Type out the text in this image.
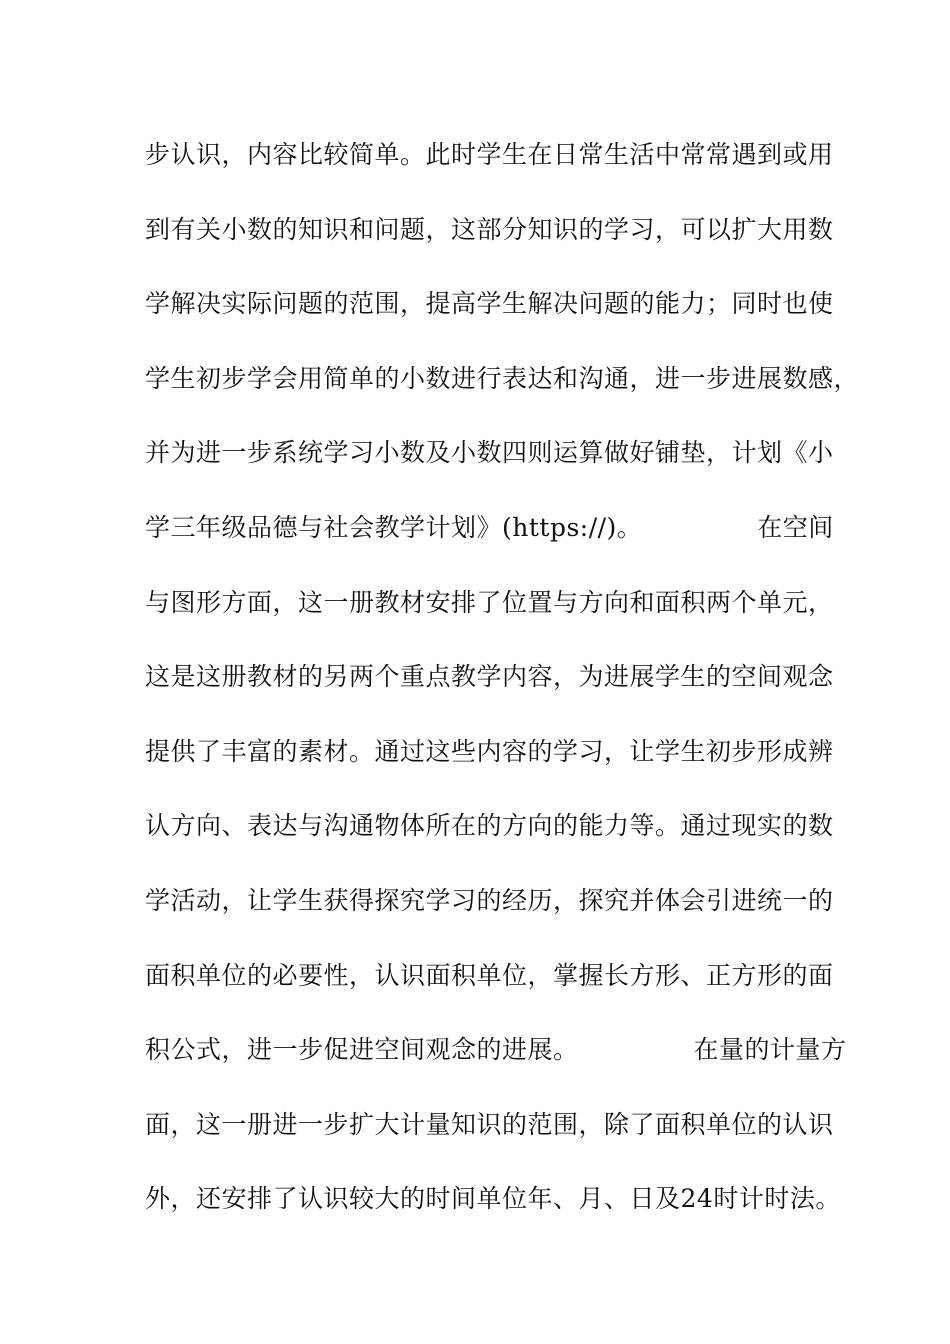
步认识，内容比较简单。此时学生在日常生活中常常遇到或用
到有关小数的知识和问题，这部分知识的学习，可以扩大用数
学解决实际问题的范围，提高学生解决问题的能力；同时也使
学生初步学会用简单的小数进行表达和沟通，进一步进展数感，
并为进一步系统学习小数及小数四则运算做好铺垫，计划《小
学三年级品德与社会教学计划》(https://)。　　　　　在空间
与图形方面，这一册教材安排了位置与方向和面积两个单元，
这是这册教材的另两个重点教学内容，为进展学生的空间观念
提供了丰富的素材。通过这些内容的学习，让学生初步形成辨
认方向、表达与沟通物体所在的方向的能力等。通过现实的数
学活动，让学生获得探究学习的经历，探究并体会引进统一的
面积单位的必要性，认识面积单位，掌握长方形、正方形的面
积公式，进一步促进空间观念的进展。　　　　　在量的计量方
面，这一册进一步扩大计量知识的范围，除了面积单位的认识
外，还安排了认识较大的时间单位年、月、日及24时计时法。
